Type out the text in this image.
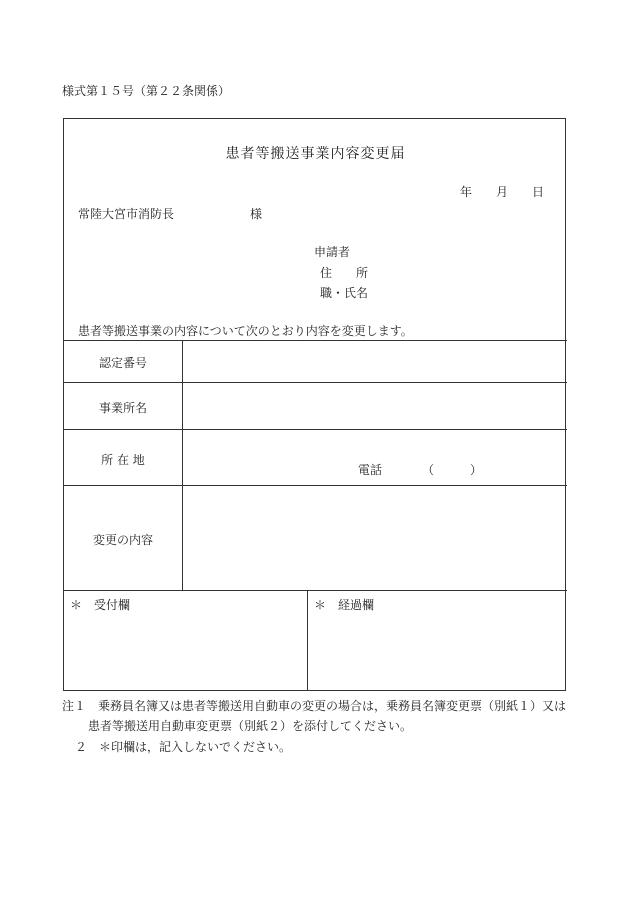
様式第１５号（第２２条関係）
患者等搬送事業内容変更届
年 月 日
常陸大宮市消防長	様
申請者
住　　所
職・氏名
患者等搬送事業の内容について次のとおり内容を変更します。
認定番号
事業所名
所 在 地
電話	（　　　）
変更の内容
＊　受付欄	＊　経過欄
注１　乗務員名簿又は患者等搬送用自動車の変更の場合は，乗務員名簿変更票（別紙１）又は
患者等搬送用自動車変更票（別紙２）を添付してください。
２　＊印欄は，記入しないでください。
